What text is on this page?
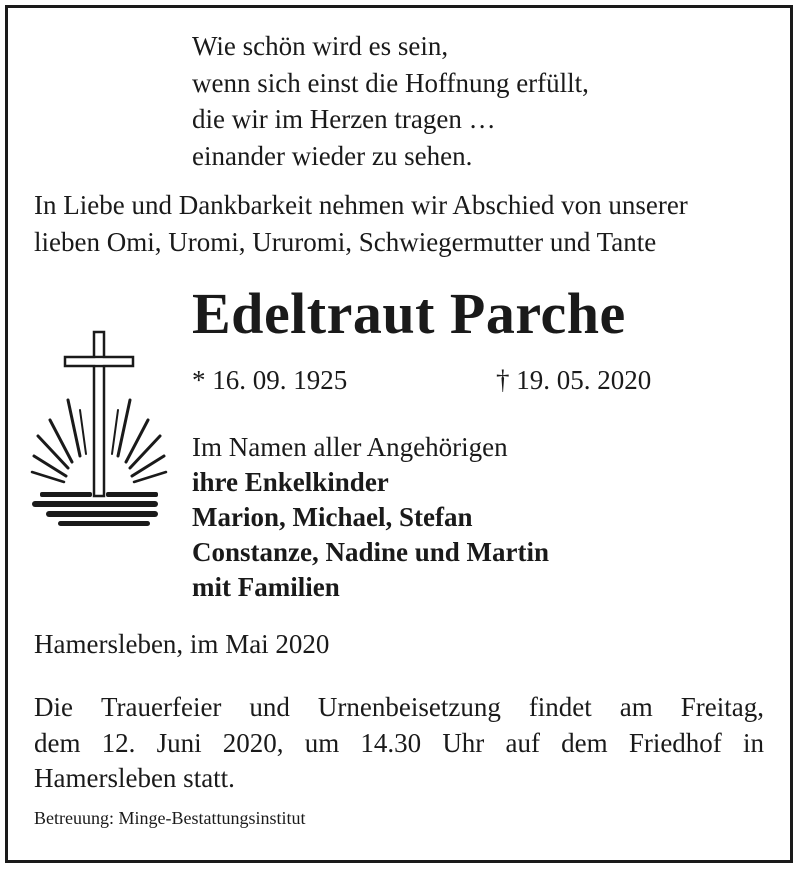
Wie schön wird es sein,
wenn sich einst die Hoffnung erfüllt,
die wir im Herzen tragen …
einander wieder zu sehen.
In Liebe und Dankbarkeit nehmen wir Abschied von unserer
lieben Omi, Uromi, Ururomi, Schwiegermutter und Tante
Edeltraut Parche
* 16. 09. 1925	† 19. 05. 2020
Im Namen aller Angehörigen
ihre Enkelkinder
Marion, Michael, Stefan
Constanze, Nadine und Martin
mit Familien
Hamersleben, im Mai 2020
Die Trauerfeier und Urnenbeisetzung findet am Freitag,
dem 12. Juni 2020, um 14.30 Uhr auf dem Friedhof in
Hamersleben statt.
Betreuung: Minge-Bestattungsinstitut
